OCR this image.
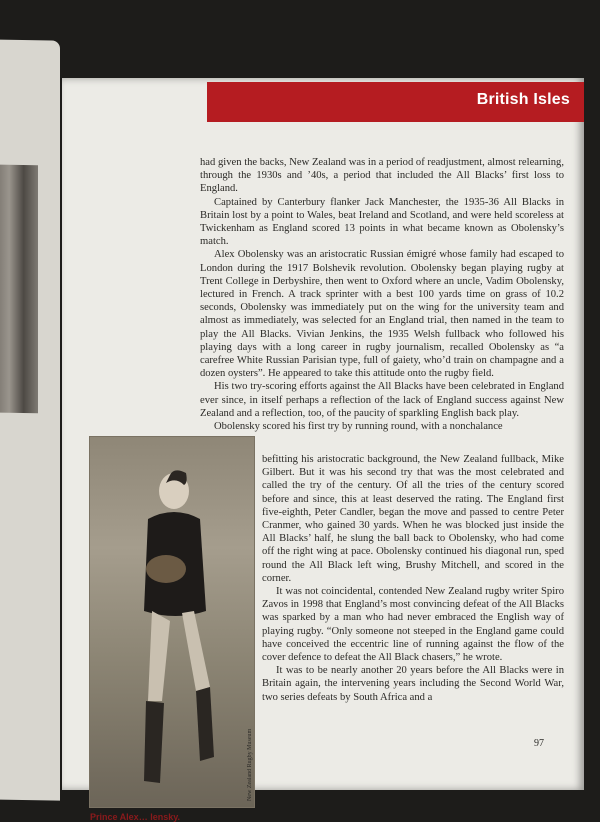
British Isles

had given the backs, New Zealand was in a period of readjustment, almost relearning, through the 1930s and ’40s, a period that included the All Blacks’ first loss to England.

Captained by Canterbury flanker Jack Manchester, the 1935-36 All Blacks in Britain lost by a point to Wales, beat Ireland and Scotland, and were held scoreless at Twickenham as England scored 13 points in what became known as Obolensky’s match.

Alex Obolensky was an aristocratic Russian émigré whose family had escaped to London during the 1917 Bolshevik revolution. Obolensky began playing rugby at Trent College in Derbyshire, then went to Oxford where an uncle, Vadim Obolensky, lectured in French. A track sprinter with a best 100 yards time on grass of 10.2 seconds, Obolensky was immediately put on the wing for the university team and almost as immediately, was selected for an England trial, then named in the team to play the All Blacks. Vivian Jenkins, the 1935 Welsh fullback who followed his playing days with a long career in rugby journalism, recalled Obolensky as “a carefree White Russian Parisian type, full of gaiety, who’d train on champagne and a dozen oysters”. He appeared to take this attitude onto the rugby field.

His two try-scoring efforts against the All Blacks have been celebrated in England ever since, in itself perhaps a reflection of the lack of England success against New Zealand and a reflection, too, of the paucity of sparkling English back play.

Obolensky scored his first try by running round, with a nonchalance

befitting his aristocratic background, the New Zealand fullback, Mike Gilbert. But it was his second try that was the most celebrated and called the try of the century. Of all the tries of the century scored before and since, this at least deserved the rating. The England first five-eighth, Peter Candler, began the move and passed to centre Peter Cranmer, who gained 30 yards. When he was blocked just inside the All Blacks’ half, he slung the ball back to Obolensky, who had come off the right wing at pace. Obolensky continued his diagonal run, sped round the All Black left wing, Brushy Mitchell, and scored in the corner.

It was not coincidental, contended New Zealand rugby writer Spiro Zavos in 1998 that England’s most convincing defeat of the All Blacks was sparked by a man who had never embraced the English way of playing rugby. “Only someone not steeped in the England game could have conceived the eccentric line of running against the flow of the cover defence to defeat the All Black chasers,” he wrote.

It was to be nearly another 20 years before the All Blacks were in Britain again, the intervening years including the Second World War, two series defeats by South Africa and a

New Zealand Rugby Museum
Prince Alex… lensky.
97
